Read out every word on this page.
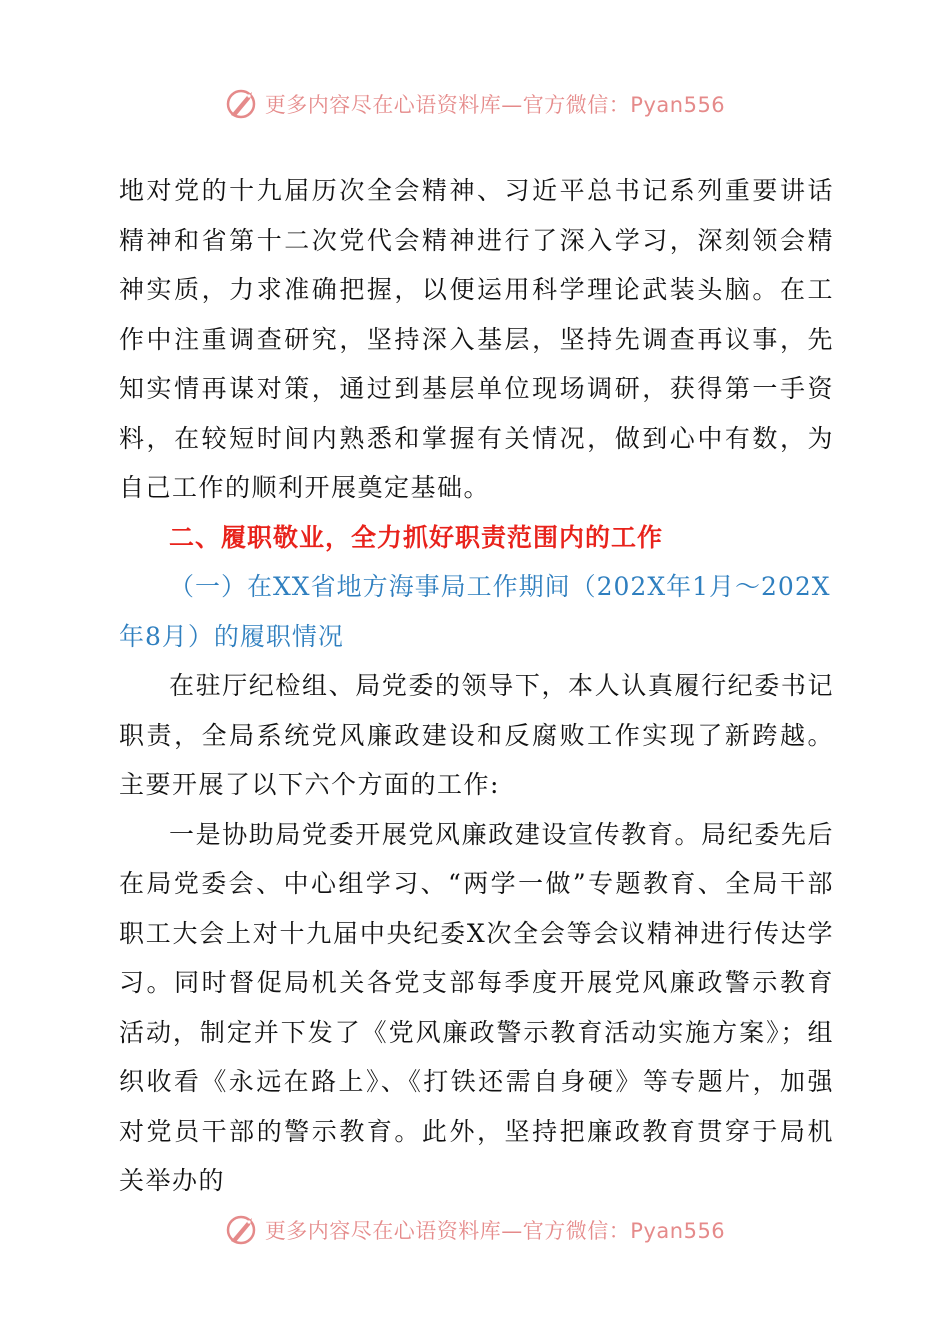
更多内容尽在心语资料库—官方微信：Pyan556

地对党的十九届历次全会精神、习近平总书记系列重要讲话精神和省第十二次党代会精神进行了深入学习，深刻领会精神实质，力求准确把握，以便运用科学理论武装头脑。在工作中注重调查研究，坚持深入基层，坚持先调查再议事，先知实情再谋对策，通过到基层单位现场调研，获得第一手资料，在较短时间内熟悉和掌握有关情况，做到心中有数，为自己工作的顺利开展奠定基础。

二、履职敬业，全力抓好职责范围内的工作

（一）在XX省地方海事局工作期间（202X年1月～202X年8月）的履职情况

在驻厅纪检组、局党委的领导下，本人认真履行纪委书记职责，全局系统党风廉政建设和反腐败工作实现了新跨越。主要开展了以下六个方面的工作:

一是协助局党委开展党风廉政建设宣传教育。局纪委先后在局党委会、中心组学习、“两学一做”专题教育、全局干部职工大会上对十九届中央纪委X次全会等会议精神进行传达学习。同时督促局机关各党支部每季度开展党风廉政警示教育活动，制定并下发了《党风廉政警示教育活动实施方案》；组织收看《永远在路上》、《打铁还需自身硬》等专题片，加强对党员干部的警示教育。此外，坚持把廉政教育贯穿于局机关举办的

更多内容尽在心语资料库—官方微信：Pyan556
